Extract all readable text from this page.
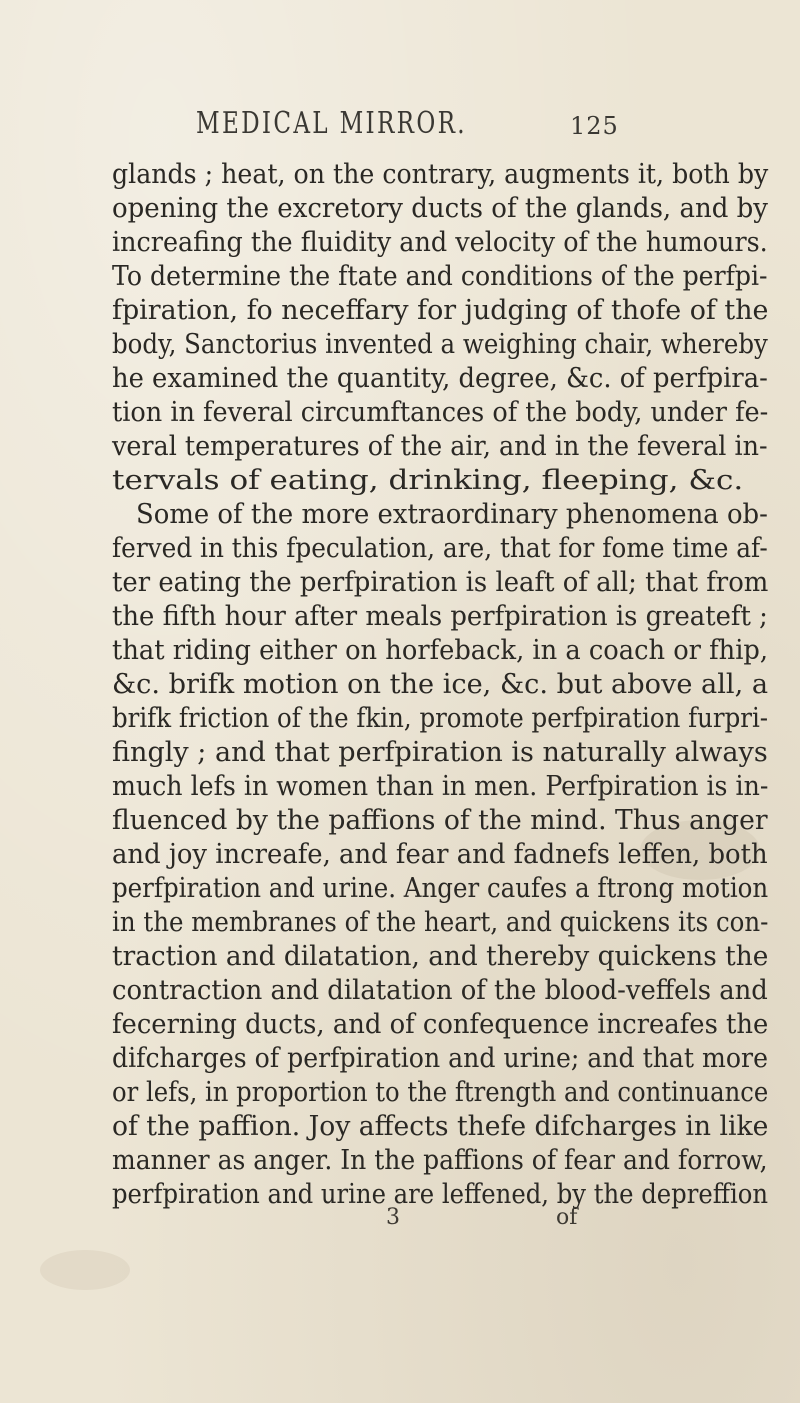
MEDICAL MIRROR.	125
glands ; heat, on the contrary, augments it, both by
opening the excretory ducts of the glands, and by
increafing the fluidity and velocity of the humours.
To determine the ftate and conditions of the perfpi-
fpiration, fo neceffary for judging of thofe of the
body, Sanctorius invented a weighing chair, whereby
he examined the quantity, degree, &c. of perfpira-
tion in feveral circumftances of the body, under fe-
veral temperatures of the air, and in the feveral in-
tervals of eating, drinking, fleeping, &c.
Some of the more extraordinary phenomena ob-
ferved in this fpeculation, are, that for fome time af-
ter eating the perfpiration is leaft of all; that from
the fifth hour after meals perfpiration is greateft ;
that riding either on horfeback, in a coach or fhip,
&c. brifk motion on the ice, &c. but above all, a
brifk friction of the fkin, promote perfpiration furpri-
fingly ; and that perfpiration is naturally always
much lefs in women than in men. Perfpiration is in-
fluenced by the paffions of the mind. Thus anger
and joy increafe, and fear and fadnefs leffen, both
perfpiration and urine. Anger caufes a ftrong motion
in the membranes of the heart, and quickens its con-
traction and dilatation, and thereby quickens the
contraction and dilatation of the blood-veffels and
fecerning ducts, and of confequence increafes the
difcharges of perfpiration and urine; and that more
or lefs, in proportion to the ftrength and continuance
of the paffion. Joy affects thefe difcharges in like
manner as anger. In the paffions of fear and forrow,
perfpiration and urine are leffened, by the depreffion
3	of
